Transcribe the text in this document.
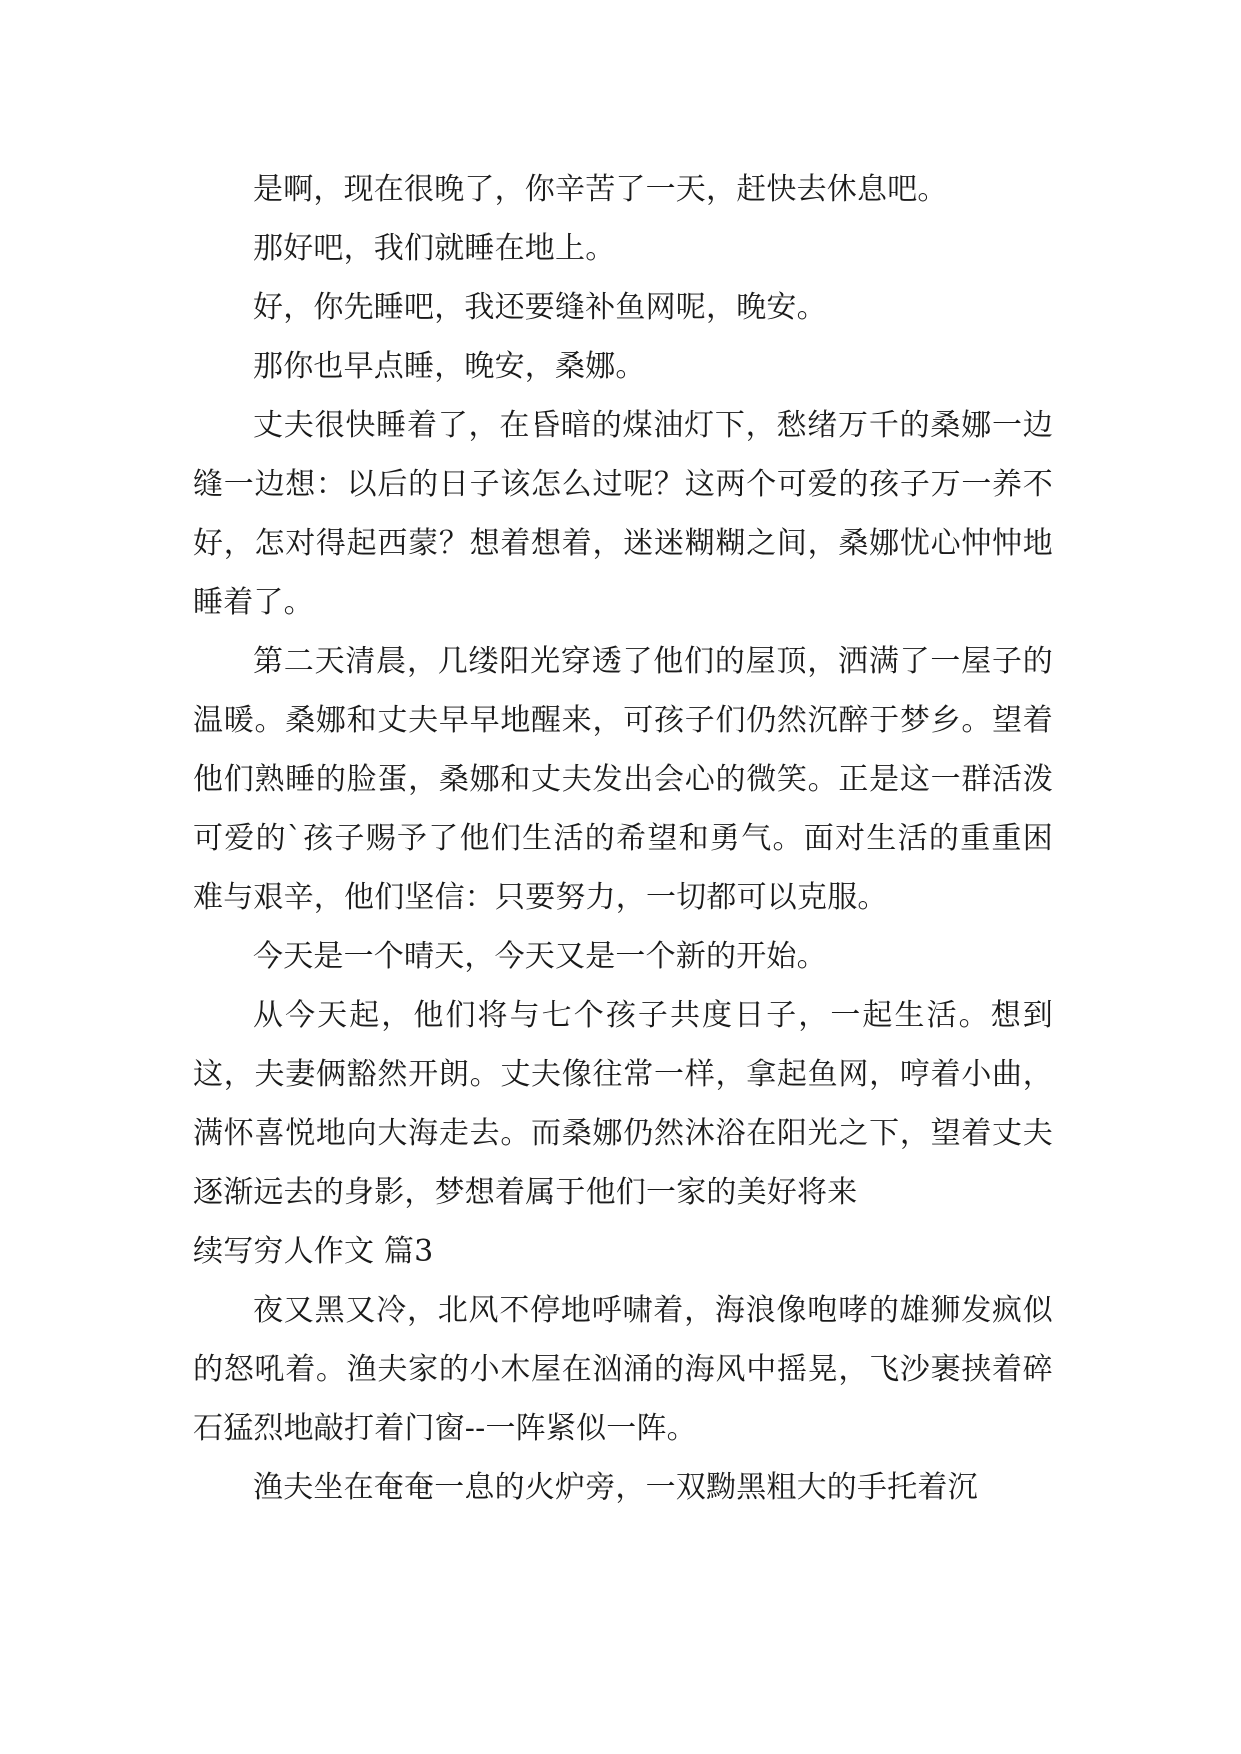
是啊，现在很晚了，你辛苦了一天，赶快去休息吧。

那好吧，我们就睡在地上。

好，你先睡吧，我还要缝补鱼网呢，晚安。

那你也早点睡，晚安，桑娜。

丈夫很快睡着了，在昏暗的煤油灯下，愁绪万千的桑娜一边缝一边想：以后的日子该怎么过呢？这两个可爱的孩子万一养不好，怎对得起西蒙？想着想着，迷迷糊糊之间，桑娜忧心忡忡地睡着了。

第二天清晨，几缕阳光穿透了他们的屋顶，洒满了一屋子的温暖。桑娜和丈夫早早地醒来，可孩子们仍然沉醉于梦乡。望着他们熟睡的脸蛋，桑娜和丈夫发出会心的微笑。正是这一群活泼可爱的`孩子赐予了他们生活的希望和勇气。面对生活的重重困难与艰辛，他们坚信：只要努力，一切都可以克服。

今天是一个晴天，今天又是一个新的开始。

从今天起，他们将与七个孩子共度日子，一起生活。想到这，夫妻俩豁然开朗。丈夫像往常一样，拿起鱼网，哼着小曲，满怀喜悦地向大海走去。而桑娜仍然沐浴在阳光之下，望着丈夫逐渐远去的身影，梦想着属于他们一家的美好将来

续写穷人作文 篇3

夜又黑又冷，北风不停地呼啸着，海浪像咆哮的雄狮发疯似的怒吼着。渔夫家的小木屋在汹涌的海风中摇晃，飞沙裹挟着碎石猛烈地敲打着门窗--一阵紧似一阵。

渔夫坐在奄奄一息的火炉旁，一双黝黑粗大的手托着沉
